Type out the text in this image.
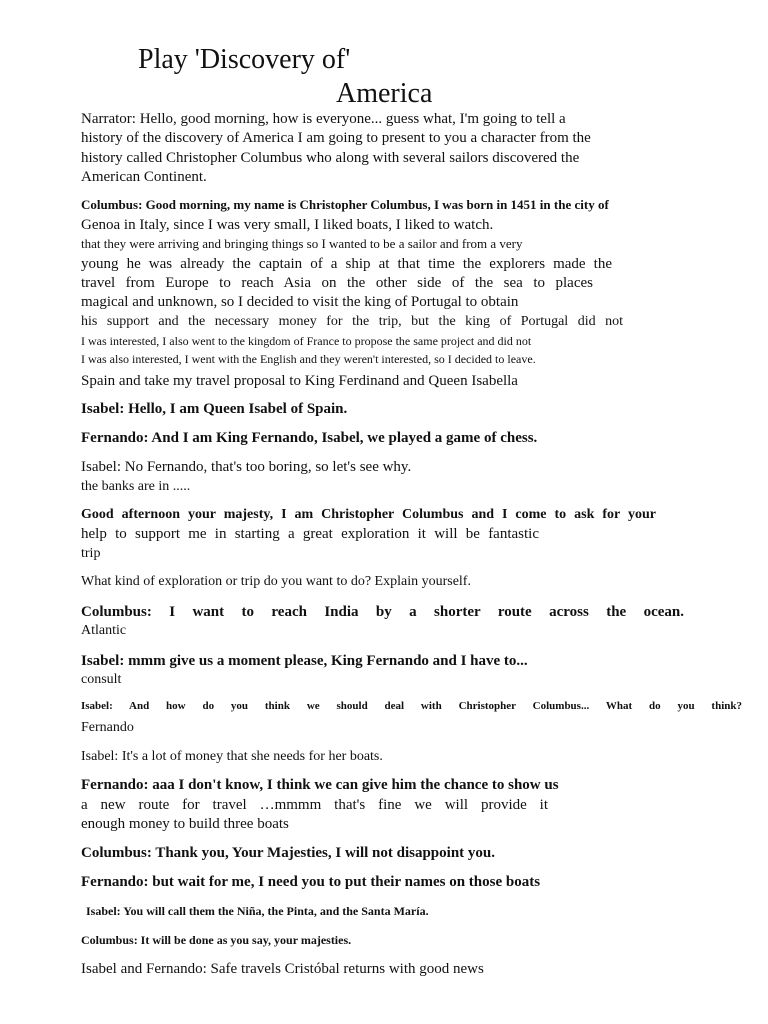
Play 'Discovery of'
America
Narrator: Hello, good morning, how is everyone... guess what, I'm going to tell a
history of the discovery of America I am going to present to you a character from the
history called Christopher Columbus who along with several sailors discovered the
American Continent.
Columbus: Good morning, my name is Christopher Columbus, I was born in 1451 in the city of
Genoa in Italy, since I was very small, I liked boats, I liked to watch.
that they were arriving and bringing things so I wanted to be a sailor and from a very
young he was already the captain of a ship at that time the explorers made the
travel from Europe to reach Asia on the other side of the sea to places
magical and unknown, so I decided to visit the king of Portugal to obtain
his support and the necessary money for the trip, but the king of Portugal did not
I was interested, I also went to the kingdom of France to propose the same project and did not
I was also interested, I went with the English and they weren't interested, so I decided to leave.
Spain and take my travel proposal to King Ferdinand and Queen Isabella
Isabel: Hello, I am Queen Isabel of Spain.
Fernando: And I am King Fernando, Isabel, we played a game of chess.
Isabel: No Fernando, that's too boring, so let's see why.
the banks are in .....
Good afternoon your majesty, I am Christopher Columbus and I come to ask for your
help to support me in starting a great exploration it will be fantastic
trip
What kind of exploration or trip do you want to do? Explain yourself.
Columbus: I want to reach India by a shorter route across the ocean.
Atlantic
Isabel: mmm give us a moment please, King Fernando and I have to...
consult
Isabel: And how do you think we should deal with Christopher Columbus... What do you think?
Fernando
Isabel: It's a lot of money that she needs for her boats.
Fernando: aaa I don't know, I think we can give him the chance to show us
a new route for travel …mmmm that's fine we will provide it
enough money to build three boats
Columbus: Thank you, Your Majesties, I will not disappoint you.
Fernando: but wait for me, I need you to put their names on those boats
Isabel: You will call them the Niña, the Pinta, and the Santa María.
Columbus: It will be done as you say, your majesties.
Isabel and Fernando: Safe travels Cristóbal returns with good news
